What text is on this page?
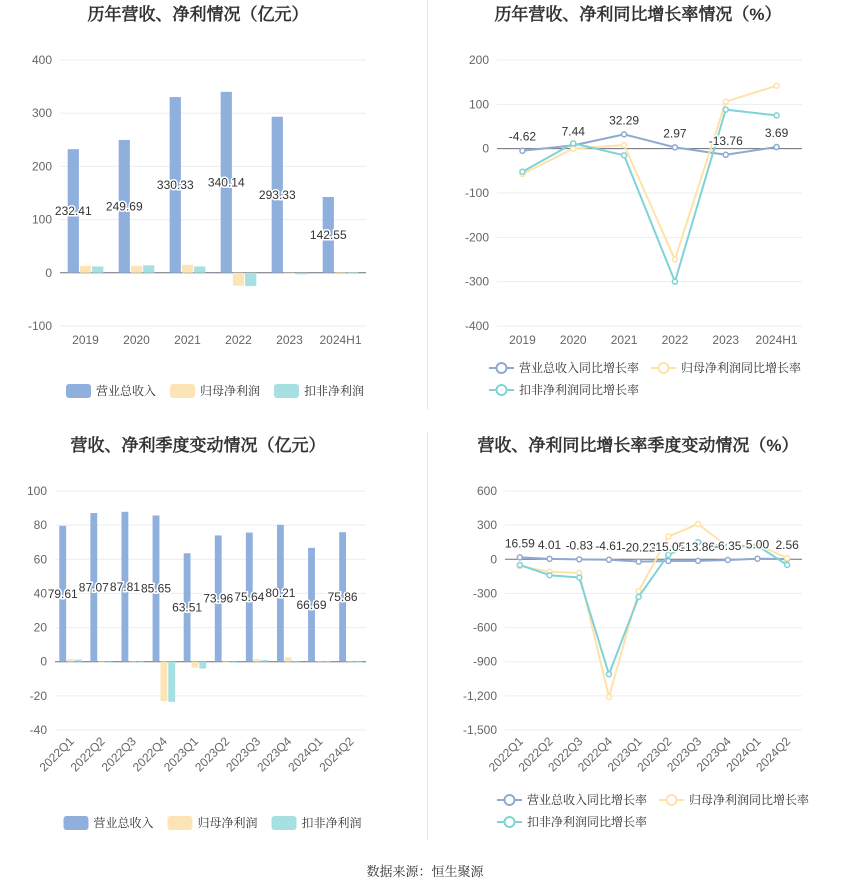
历年营收、净利情况（亿元）
-100
0
100
200
300
400
2019 2020 2021 2022 2023 2024H1
232.41 249.69
330.33 340.14
293.33
142.55
营业总收入	归母净利润	扣非净利润
历年营收、净利同比增长率情况（%）
-400
-300
-200
-100
0
100
200
2019 2020 2021 2022 2023 2024H1
-4.62 7.44
32.29
2.97
-13.76
3.69
营业总收入同比增长率	归母净利润同比增长率
扣非净利润同比增长率
营收、净利季度变动情况（亿元）
-40
-20
0
20
40
60
80
100
2022Q1
2022Q2
2022Q3
2022Q4
2023Q1
2023Q2
2023Q3
2023Q4
2024Q1
2024Q2
79.61 87.07 87.81 85.65
63.51
73.96 75.64 80.21
66.69
75.86
营业总收入	归母净利润	扣非净利润
营收、净利同比增长率季度变动情况（%）
-1,500
-1,200
-900
-600
-300
0
300
600
2022Q1
2022Q2
2022Q3
2022Q4
2023Q1
2023Q2
2023Q3
2023Q4
2024Q1
2024Q2
16.59 4.01 -0.83 -4.61 -20.22
-15.05
-13.86 -6.35 5.00 2.56
营业总收入同比增长率	归母净利润同比增长率
扣非净利润同比增长率
数据来源：恒生聚源
